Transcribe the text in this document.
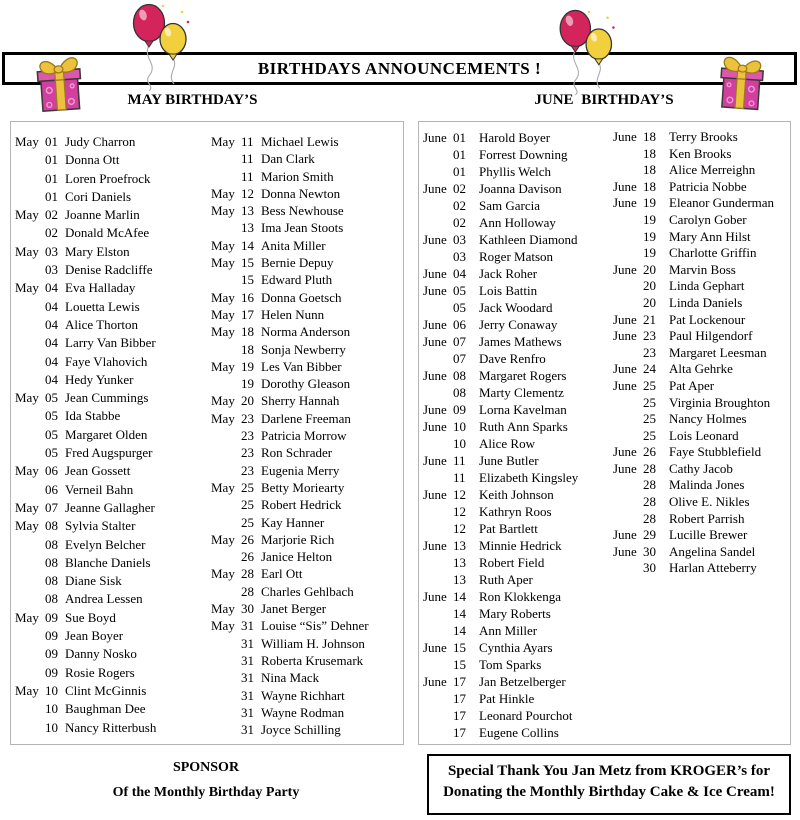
BIRTHDAYS ANNOUNCEMENTS !
MAY BIRTHDAY’S	JUNE BIRTHDAY’S
May 01 Judy Charron
01 Donna Ott
01 Loren Proefrock
01 Cori Daniels
May 02 Joanne Marlin
02 Donald McAfee
May 03 Mary Elston
03 Denise Radcliffe
May 04 Eva Halladay
04 Louetta Lewis
04 Alice Thorton
04 Larry Van Bibber
04 Faye Vlahovich
04 Hedy Yunker
May 05 Jean Cummings
05 Ida Stabbe
05 Margaret Olden
05 Fred Augspurger
May 06 Jean Gossett
06 Verneil Bahn
May 07 Jeanne Gallagher
May 08 Sylvia Stalter
08 Evelyn Belcher
08 Blanche Daniels
08 Diane Sisk
08 Andrea Lessen
May 09 Sue Boyd
09 Jean Boyer
09 Danny Nosko
09 Rosie Rogers
May 10 Clint McGinnis
10 Baughman Dee
10 Nancy Ritterbush
May 11 Michael Lewis
11 Dan Clark
11 Marion Smith
May 12 Donna Newton
May 13 Bess Newhouse
13 Ima Jean Stoots
May 14 Anita Miller
May 15 Bernie Depuy
15 Edward Pluth
May 16 Donna Goetsch
May 17 Helen Nunn
May 18 Norma Anderson
18 Sonja Newberry
May 19 Les Van Bibber
19 Dorothy Gleason
May 20 Sherry Hannah
May 23 Darlene Freeman
23 Patricia Morrow
23 Ron Schrader
23 Eugenia Merry
May 25 Betty Moriearty
25 Robert Hedrick
25 Kay Hanner
May 26 Marjorie Rich
26 Janice Helton
May 28 Earl Ott
28 Charles Gehlbach
May 30 Janet Berger
May 31 Louise “Sis” Dehner
31 William H. Johnson
31 Roberta Krusemark
31 Nina Mack
31 Wayne Richhart
31 Wayne Rodman
31 Joyce Schilling
June 01	Harold Boyer
01	Forrest Downing
01	Phyllis Welch
June 02	Joanna Davison
02	Sam Garcia
02	Ann Holloway
June 03	Kathleen Diamond
03	Roger Matson
June 04	Jack Roher
June 05	Lois Battin
05	Jack Woodard
June 06	Jerry Conaway
June 07	James Mathews
07	Dave Renfro
June 08	Margaret Rogers
08	Marty Clementz
June 09	Lorna Kavelman
June 10	Ruth Ann Sparks
10	Alice Row
June 11	June Butler
11	Elizabeth Kingsley
June 12	Keith Johnson
12	Kathryn Roos
12	Pat Bartlett
June 13	Minnie Hedrick
13	Robert Field
13	Ruth Aper
June 14	Ron Klokkenga
14	Mary Roberts
14	Ann Miller
June 15	Cynthia Ayars
15	Tom Sparks
June 17	Jan Betzelberger
17	Pat Hinkle
17	Leonard Pourchot
17	Eugene Collins
June 18	Terry Brooks
18	Ken Brooks
18	Alice Merreighn
June 18	Patricia Nobbe
June 19	Eleanor Gunderman
19	Carolyn Gober
19	Mary Ann Hilst
19	Charlotte Griffin
June 20	Marvin Boss
20	Linda Gephart
20	Linda Daniels
June 21	Pat Lockenour
June 23	Paul Hilgendorf
23	Margaret Leesman
June 24	Alta Gehrke
June 25	Pat Aper
25	Virginia Broughton
25	Nancy Holmes
25	Lois Leonard
June 26	Faye Stubblefield
June 28	Cathy Jacob
28	Malinda Jones
28	Olive E. Nikles
28	Robert Parrish
June 29	Lucille Brewer
June 30	Angelina Sandel
30	Harlan Atteberry
SPONSOR
Of the Monthly Birthday Party
Special Thank You Jan Metz from KROGER’s for
Donating the Monthly Birthday Cake & Ice Cream!
